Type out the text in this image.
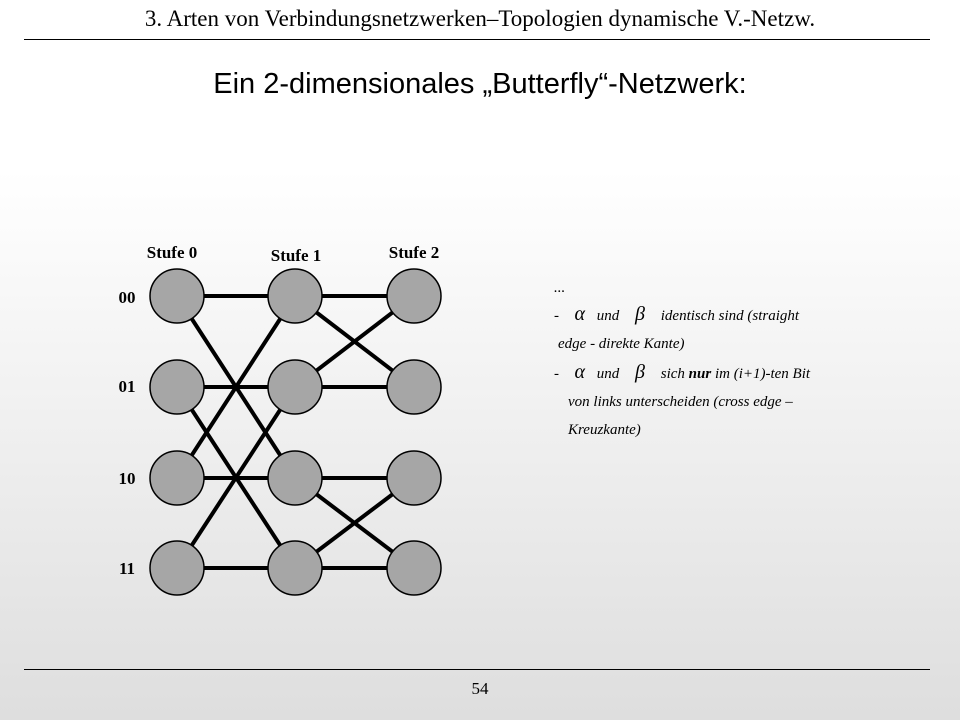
3. Arten von Verbindungsnetzwerken–Topologien dynamische V.-Netzw.
Ein 2-dimensionales „Butterfly“-Netzwerk:
Stufe 0	Stufe 1	Stufe 2
00
01
10
11
...
- α und β identisch sind (straight
edge - direkte Kante)
- α und β sich nur im (i+1)-ten Bit
von links unterscheiden (cross edge –
Kreuzkante)
54
